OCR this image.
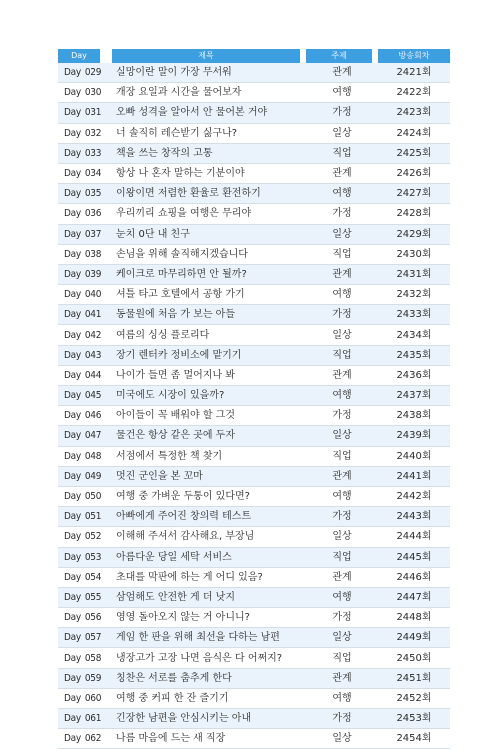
Day	제목	주제	방송회차

Day 029	실망이란 말이 가장 무서워	관계	2421회
Day 030	개장 요일과 시간을 물어보자	여행	2422회
Day 031	오빠 성격을 알아서 안 물어본 거야	가정	2423회
Day 032	너 솔직히 레슨받기 싫구나?	일상	2424회
Day 033	책을 쓰는 창작의 고통	직업	2425회
Day 034	항상 나 혼자 말하는 기분이야	관계	2426회
Day 035	이왕이면 저렴한 환율로 환전하기	여행	2427회
Day 036	우리끼리 쇼핑을 여행은 무리야	가정	2428회
Day 037	눈치 0단 내 친구	일상	2429회
Day 038	손님을 위해 솔직해지겠습니다	직업	2430회
Day 039	케이크로 마무리하면 안 될까?	관계	2431회
Day 040	셔틀 타고 호텔에서 공항 가기	여행	2432회
Day 041	동물원에 처음 가 보는 아들	가정	2433회
Day 042	여름의 싱싱 플로리다	일상	2434회
Day 043	장기 렌터카 정비소에 맡기기	직업	2435회
Day 044	나이가 들면 좀 멀어지나 봐	관계	2436회
Day 045	미국에도 시장이 있을까?	여행	2437회
Day 046	아이들이 꼭 배워야 할 그것	가정	2438회
Day 047	물건은 항상 같은 곳에 두자	일상	2439회
Day 048	서점에서 특정한 책 찾기	직업	2440회
Day 049	멋진 군인을 본 꼬마	관계	2441회
Day 050	여행 중 가벼운 두통이 있다면?	여행	2442회
Day 051	아빠에게 주어진 창의력 테스트	가정	2443회
Day 052	이해해 주셔서 감사해요, 부장님	일상	2444회
Day 053	아름다운 당일 세탁 서비스	직업	2445회
Day 054	초대를 막판에 하는 게 어디 있음?	관계	2446회
Day 055	삼엄해도 안전한 게 더 낫지	여행	2447회
Day 056	영영 돌아오지 않는 거 아니니?	가정	2448회
Day 057	게임 한 판을 위해 최선을 다하는 남편	일상	2449회
Day 058	냉장고가 고장 나면 음식은 다 어쩌지?	직업	2450회
Day 059	칭찬은 서로를 춤추게 한다	관계	2451회
Day 060	여행 중 커피 한 잔 즐기기	여행	2452회
Day 061	긴장한 남편을 안심시키는 아내	가정	2453회
Day 062	나름 마음에 드는 새 직장	일상	2454회
